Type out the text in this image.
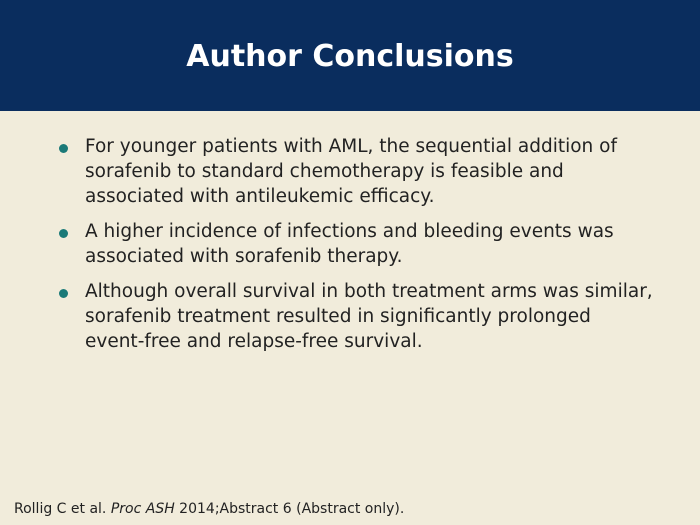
Author Conclusions
For younger patients with AML, the sequential addition of sorafenib to standard chemotherapy is feasible and associated with antileukemic efficacy.
A higher incidence of infections and bleeding events was associated with sorafenib therapy.
Although overall survival in both treatment arms was similar, sorafenib treatment resulted in significantly prolonged event-free and relapse-free survival.
Rollig C et al. Proc ASH 2014;Abstract 6 (Abstract only).
